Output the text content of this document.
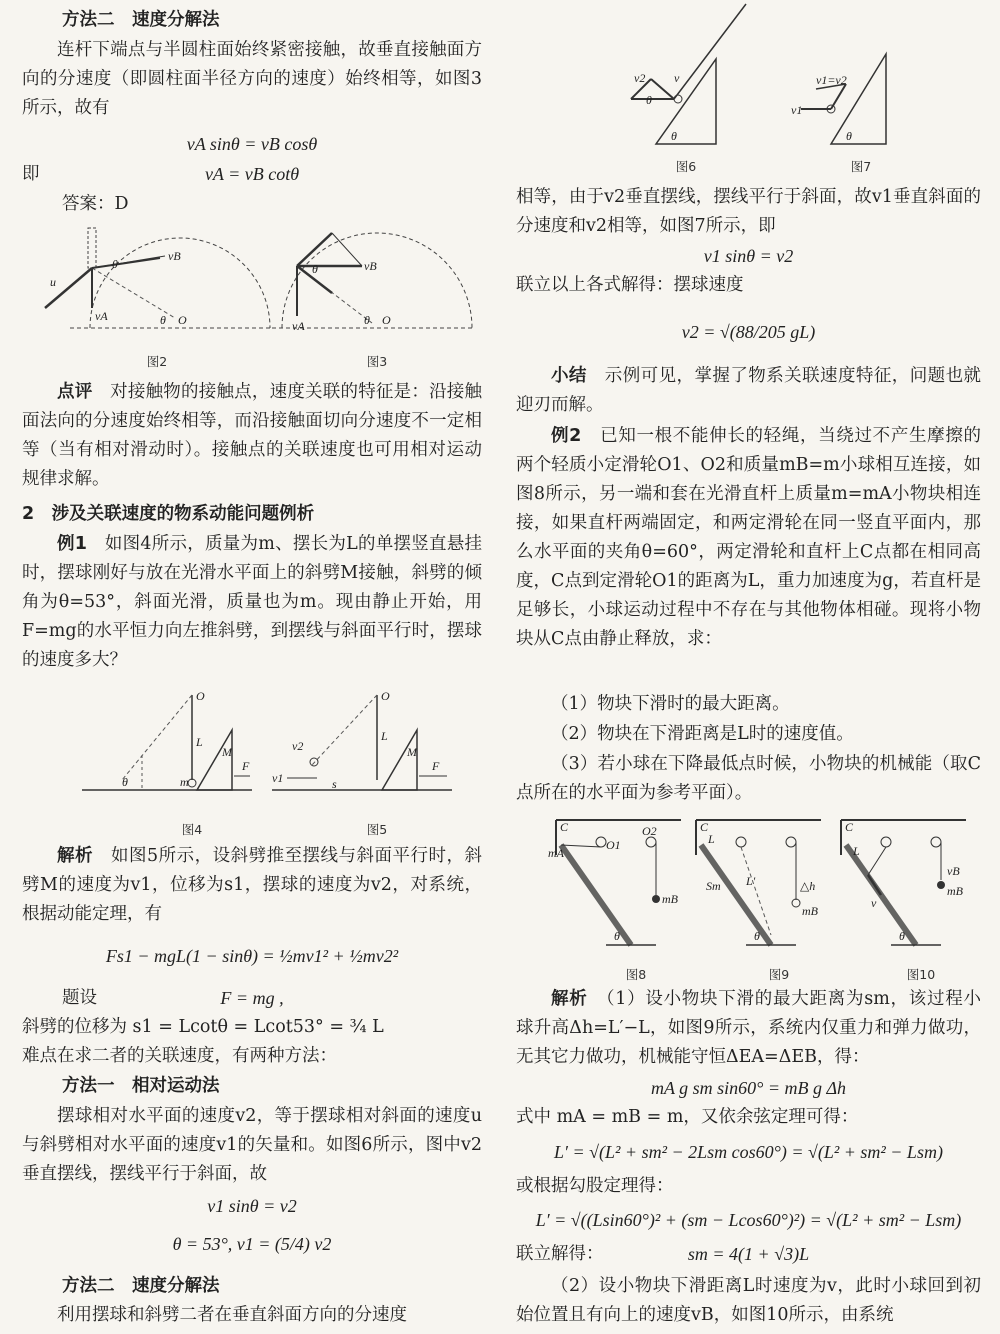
方法二　速度分解法

连杆下端点与半圆柱面始终紧密接触，故垂直接触面方向的分速度（即圆柱面半径方向的速度）始终相等，如图3所示，故有

vA sinθ = vB cosθ

即	vA = vB cotθ

答案：D

vB
u
θ
vA	θ O
图2
vB
θ
vA	θ O
图3

点评　对接触物的接触点，速度关联的特征是：沿接触面法向的分速度始终相等，而沿接触面切向分速度不一定相等（当有相对滑动时）。接触点的关联速度也可用相对运动规律求解。

2　涉及关联速度的物系动能问题例析

例1　如图4所示，质量为m、摆长为L的单摆竖直悬挂时，摆球刚好与放在光滑水平面上的斜劈M接触，斜劈的倾角为θ=53°，斜面光滑，质量也为m。现由静止开始，用F=mg的水平恒力向左推斜劈，到摆线与斜面平行时，摆球的速度多大？

O
L
M
F
m
θ
图4
O
L
M
F
v2
v1	s
图5

解析　如图5所示，设斜劈推至摆线与斜面平行时，斜劈M的速度为v1，位移为s1，摆球的速度为v2，对系统，根据动能定理，有

Fs1 − mgL(1 − sinθ) = ½mv1² + ½mv2²

题设	F = mg ,

斜劈的位移为 s1 = Lcotθ = Lcot53° = ¾ L

难点在求二者的关联速度，有两种方法：

方法一　相对运动法

摆球相对水平面的速度v2，等于摆球相对斜面的速度u与斜劈相对水平面的速度v1的矢量和。如图6所示，图中v2垂直摆线，摆线平行于斜面，故

v1 sinθ = v2

θ = 53°, v1 = (5/4) v2

方法二　速度分解法

利用摆球和斜劈二者在垂直斜面方向的分速度

v2 v
θ
θ
图6
v1=v2
v1
θ
图7

相等，由于v2垂直摆线，摆线平行于斜面，故v1垂直斜面的分速度和v2相等，如图7所示，即

v1 sinθ = v2

联立以上各式解得：摆球速度

v2 = √(88/205 gL)

小结　示例可见，掌握了物系关联速度特征，问题也就迎刃而解。

例2　已知一根不能伸长的轻绳，当绕过不产生摩擦的两个轻质小定滑轮O1、O2和质量mB=m小球相互连接，如图8所示，另一端和套在光滑直杆上质量m=mA小物块相连接，如果直杆两端固定，和两定滑轮在同一竖直平面内，那么水平面的夹角θ=60°，两定滑轮和直杆上C点都在相同高度，C点到定滑轮O1的距离为L，重力加速度为g，若直杆是足够长，小球运动过程中不存在与其他物体相碰。现将小物块从C点由静止释放，求：

（1）物块下滑时的最大距离。

（2）物块在下滑距离是L时的速度值。

（3）若小球在下降最低点时候，小物块的机械能（取C点所在的水平面为参考平面）。

C
mA
O1
O2
mB
θ
图8
C
L
L′
Sm	△h
mB
θ
图9
C
L
v
vB
mB
θ
图10

解析　（1）设小物块下滑的最大距离为sm，该过程小球升高Δh=L′−L，如图9所示，系统内仅重力和弹力做功，无其它力做功，机械能守恒ΔEA=ΔEB，得：

mA g sm sin60° = mB g Δh

式中 mA = mB = m，又依余弦定理可得：

L′ = √(L² + sm² − 2Lsm cos60°) = √(L² + sm² − Lsm)

或根据勾股定理得：

L′ = √((Lsin60°)² + (sm − Lcos60°)²) = √(L² + sm² − Lsm)

联立解得：	sm = 4(1 + √3)L

（2）设小物块下滑距离L时速度为v，此时小球回到初始位置且有向上的速度vB，如图10所示，由系统
